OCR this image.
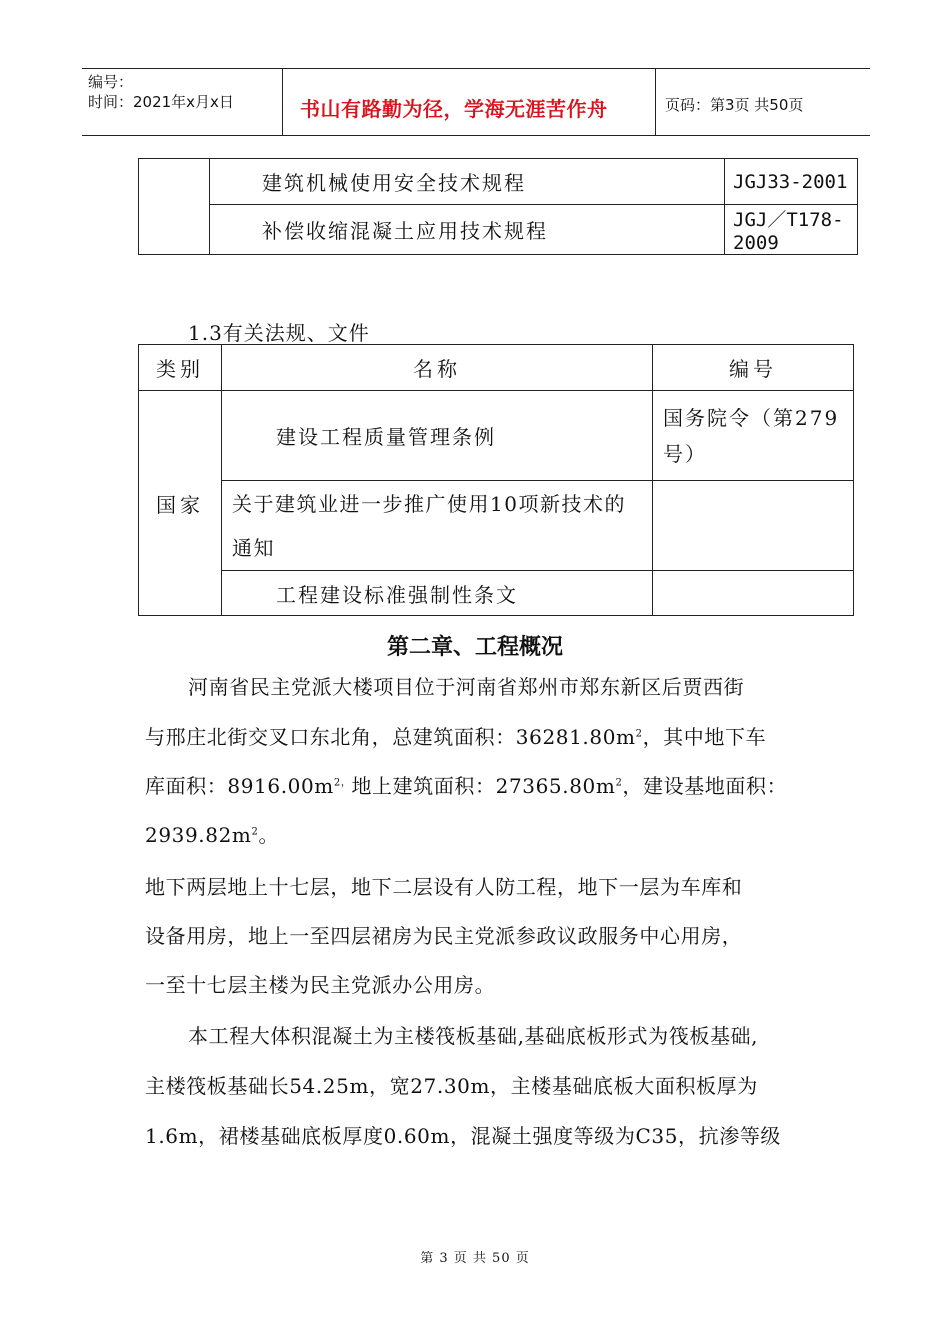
编号：
时间：2021年x月x日	书山有路勤为径，学海无涯苦作舟	页码：第3页 共50页
	建筑机械使用安全技术规程	JGJ33-2001
	补偿收缩混凝土应用技术规程	JGJ／T178-2009
1.3有关法规、文件
类别	名称	编号
国家	建设工程质量管理条例	国务院令（第279
号）

	关于建筑业进一步推广使用10项新技术的
通知	

	工程建设标准强制性条文	
第二章、工程概况
河南省民主党派大楼项目位于河南省郑州市郑东新区后贾西街
与邢庄北街交叉口东北角，总建筑面积：$36281.80m^2$，其中地下车
库面积：$8916.00m^{2,}$地上建筑面积：$27365.80m^2$，建设基地面积：
$2939.82m^2$。
地下两层地上十七层，地下二层设有人防工程，地下一层为车库和
设备用房，地上一至四层裙房为民主党派参政议政服务中心用房，
一至十七层主楼为民主党派办公用房。
本工程大体积混凝土为主楼筏板基础,基础底板形式为筏板基础,
主楼筏板基础长54.25m，宽27.30m，主楼基础底板大面积板厚为
1.6m，裙楼基础底板厚度0.60m，混凝土强度等级为C35，抗渗等级
第 3 页 共 50 页
